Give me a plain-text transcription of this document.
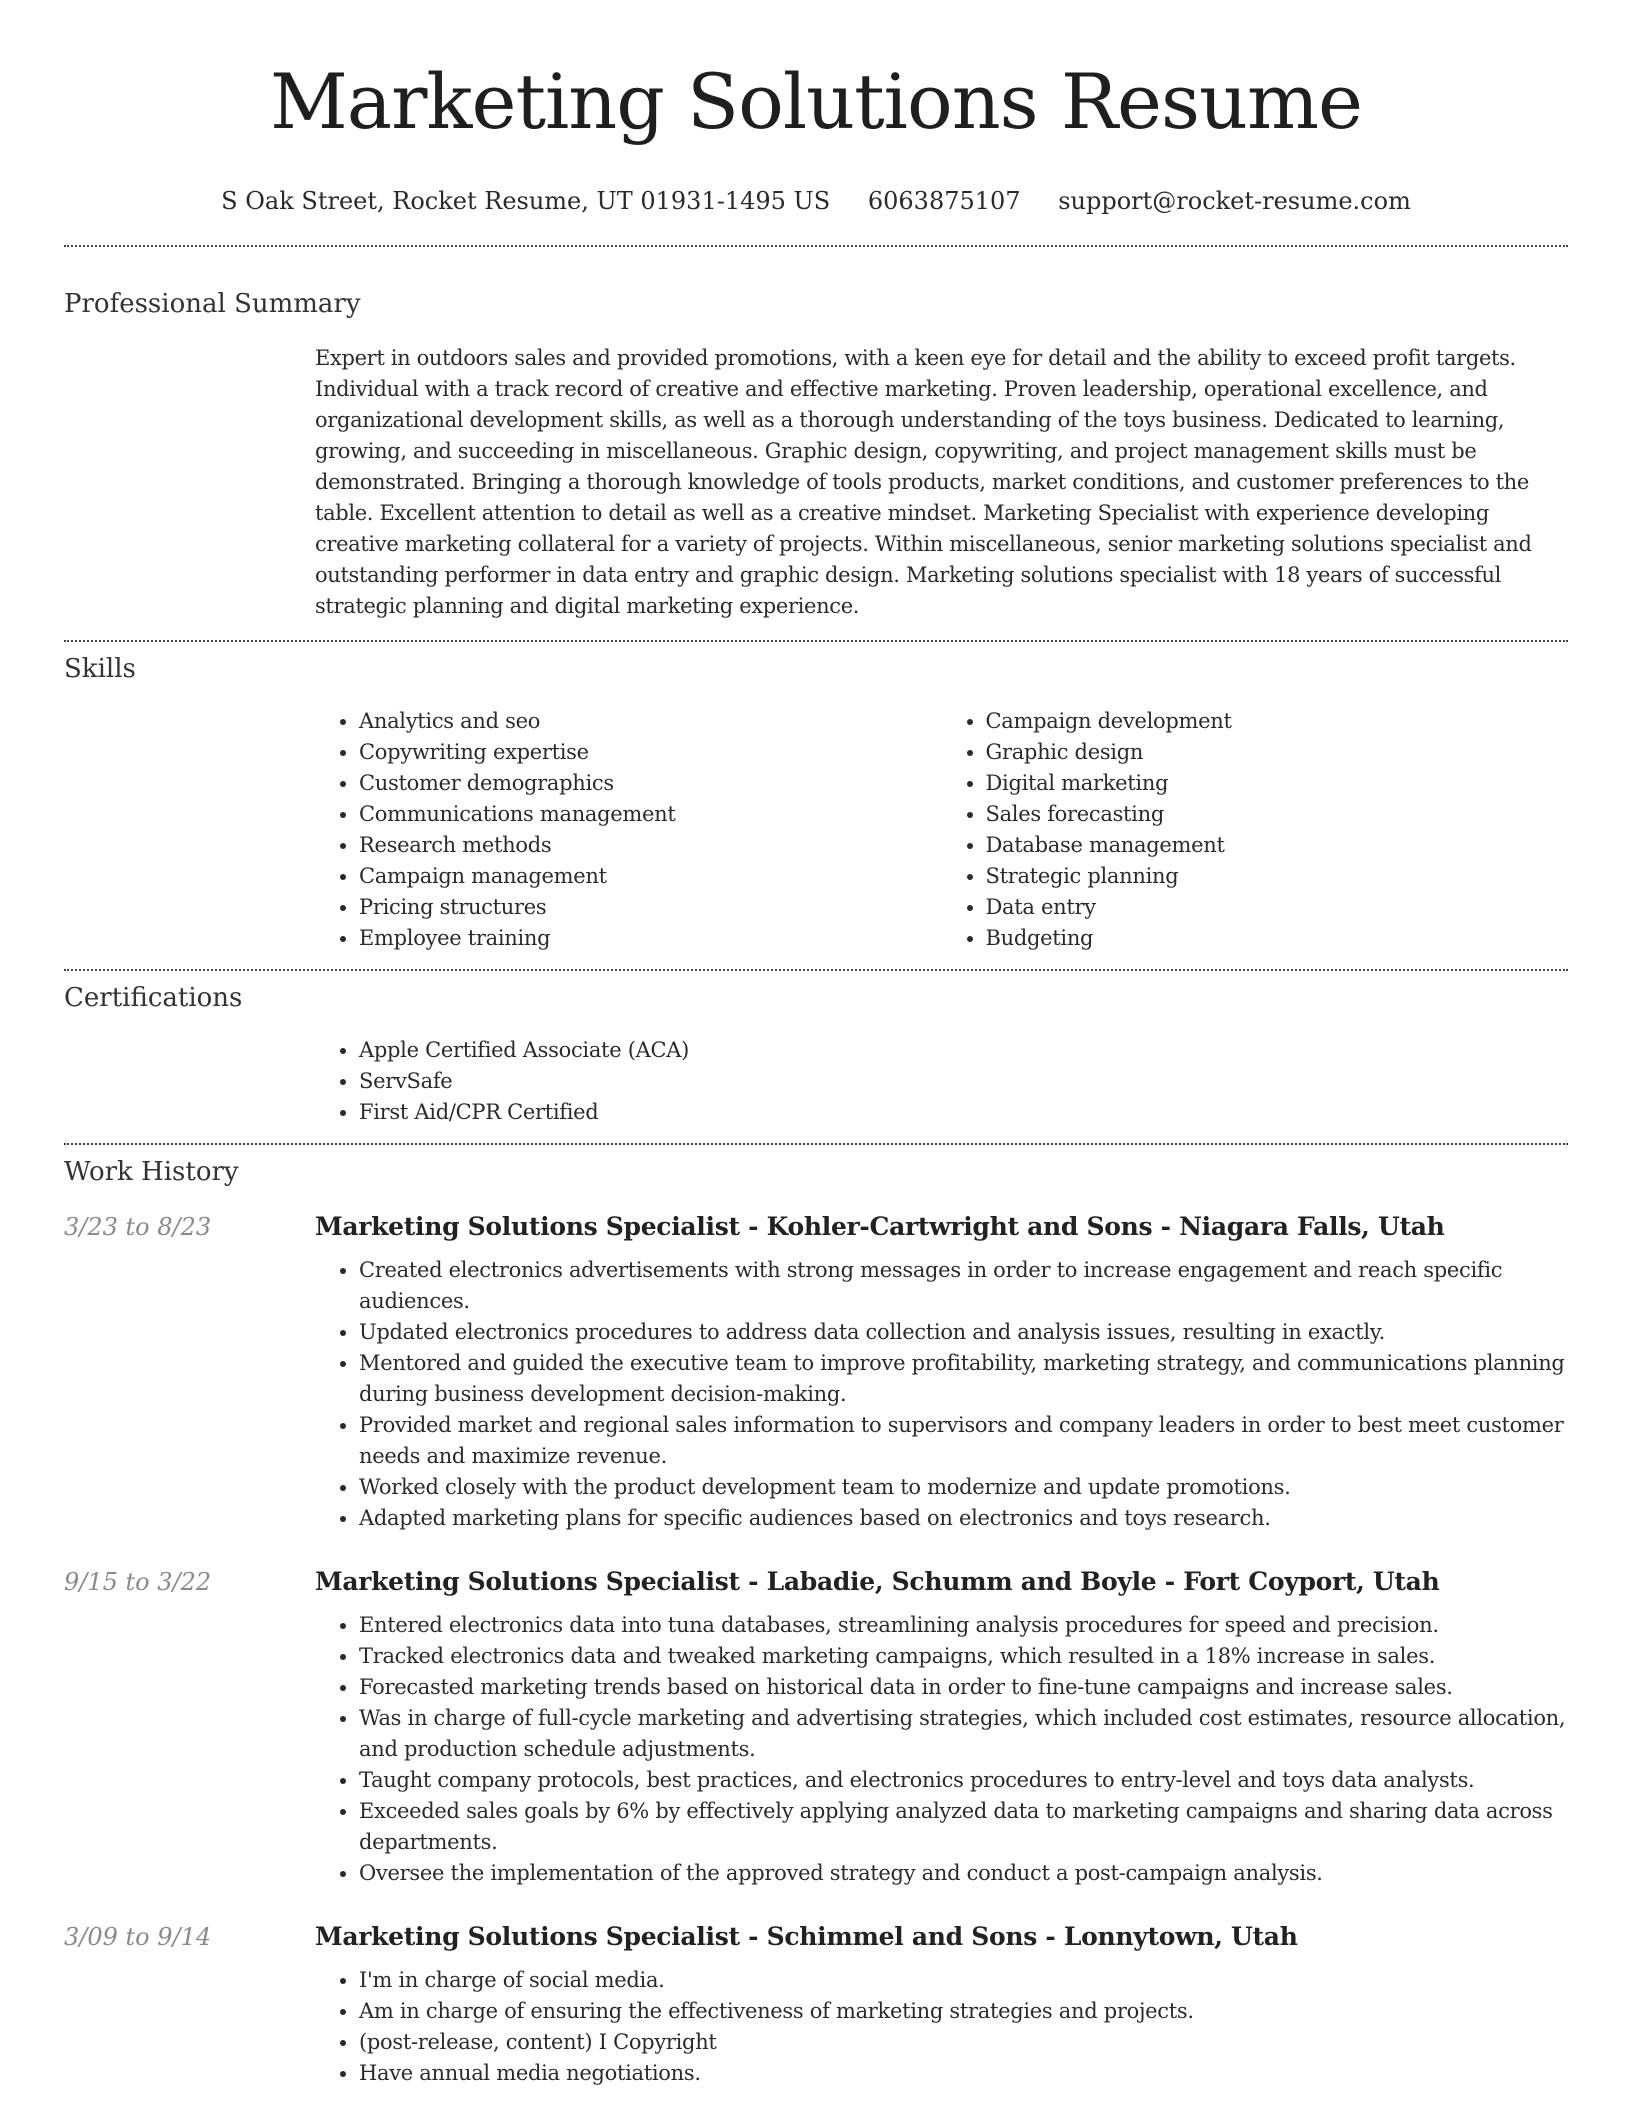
Marketing Solutions Resume
S Oak Street, Rocket Resume, UT 01931-1495 US 6063875107 support@rocket-resume.com
Professional Summary

Expert in outdoors sales and provided promotions, with a keen eye for detail and the ability to exceed profit targets. Individual with a track record of creative and effective marketing. Proven leadership, operational excellence, and organizational development skills, as well as a thorough understanding of the toys business. Dedicated to learning, growing, and succeeding in miscellaneous. Graphic design, copywriting, and project management skills must be demonstrated. Bringing a thorough knowledge of tools products, market conditions, and customer preferences to the table. Excellent attention to detail as well as a creative mindset. Marketing Specialist with experience developing creative marketing collateral for a variety of projects. Within miscellaneous, senior marketing solutions specialist and outstanding performer in data entry and graphic design. Marketing solutions specialist with 18 years of successful strategic planning and digital marketing experience.

Skills
• Analytics and seo
• Copywriting expertise
• Customer demographics
• Communications management
• Research methods
• Campaign management
• Pricing structures
• Employee training
• Campaign development
• Graphic design
• Digital marketing
• Sales forecasting
• Database management
• Strategic planning
• Data entry
• Budgeting
Certifications
• Apple Certified Associate (ACA)
• ServSafe
• First Aid/CPR Certified
Work History
3/23 to 8/23	Marketing Solutions Specialist - Kohler-Cartwright and Sons - Niagara Falls, Utah
• Created electronics advertisements with strong messages in order to increase engagement and reach specific audiences.
• Updated electronics procedures to address data collection and analysis issues, resulting in exactly.
• Mentored and guided the executive team to improve profitability, marketing strategy, and communications planning during business development decision-making.
• Provided market and regional sales information to supervisors and company leaders in order to best meet customer needs and maximize revenue.
• Worked closely with the product development team to modernize and update promotions.
• Adapted marketing plans for specific audiences based on electronics and toys research.
9/15 to 3/22	Marketing Solutions Specialist - Labadie, Schumm and Boyle - Fort Coyport, Utah
• Entered electronics data into tuna databases, streamlining analysis procedures for speed and precision.
• Tracked electronics data and tweaked marketing campaigns, which resulted in a 18% increase in sales.
• Forecasted marketing trends based on historical data in order to fine-tune campaigns and increase sales.
• Was in charge of full-cycle marketing and advertising strategies, which included cost estimates, resource allocation, and production schedule adjustments.
• Taught company protocols, best practices, and electronics procedures to entry-level and toys data analysts.
• Exceeded sales goals by 6% by effectively applying analyzed data to marketing campaigns and sharing data across departments.
• Oversee the implementation of the approved strategy and conduct a post-campaign analysis.
3/09 to 9/14	Marketing Solutions Specialist - Schimmel and Sons - Lonnytown, Utah
• I'm in charge of social media.
• Am in charge of ensuring the effectiveness of marketing strategies and projects.
• (post-release, content) I Copyright
• Have annual media negotiations.
